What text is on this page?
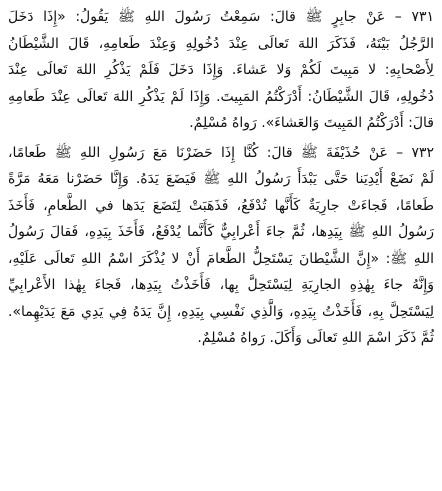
٧٣١ – عَنْ جابِرٍ ﷺ قالَ: سَمِعْتُ رَسُولَ اللهِ ﷺ يَقُولُ: «إِذَا دَخَلَ
الرَّجُلُ بَيْتَهُ، فَذَكَرَ اللهَ تَعالَى عِنْدَ دُخُولِهِ وَعِنْدَ طَعامِهِ، قَالَ الشَّيْطَانُ
لِأَصْحابِهِ: لا مَبِيتَ لَكُمْ وَلا عَشاءَ. وَإِذَا دَخَلَ فَلَمْ يَذْكُرِ اللهَ تَعالَى عِنْدَ
دُخُولِهِ، قَالَ الشَّيْطَانُ: أَدْرَكْتُمُ المَبِيتَ. وَإِذَا لَمْ يَذْكُرِ اللهَ تَعالَى عِنْدَ طَعامِهِ
قالَ: أَدْرَكْتُمُ المَبِيتَ وَالعَشاءَ». رَواهُ مُسْلِمٌ.
٧٣٢ – عَنْ حُذَيْفَةَ ﷺ قالَ: كُنَّا إِذَا حَضَرْنَا مَعَ رَسُولِ اللهِ ﷺ طَعامًا،
لَمْ نَضَعْ أَيْدِيَنا حَتَّى يَبْدَأَ رَسُولُ اللهِ ﷺ فَيَضَعَ يَدَهُ. وَإِنَّا حَضَرْنا مَعَهُ مَرَّةً
طَعامًا، فَجاءَتْ جارِيَةٌ كَأَنَّها تُدْفَعُ، فَذَهَبَتْ لِتَضَعَ يَدَها في الطَّعامِ، فَأَخَذَ
رَسُولُ اللهِ ﷺ بِيَدِها، ثُمَّ جاءَ أَعْرابِيٌّ كَأَنَّما يُدْفَعُ، فَأَخَذَ بِيَدِهِ، فَقالَ رَسُولُ
اللهِ ﷺ: «إِنَّ الشَّيْطانَ يَسْتَحِلُّ الطَّعامَ أَنْ لا يُذْكَرَ اسْمُ اللهِ تَعالَى عَلَيْهِ،
وَإِنَّهُ جاءَ بِهٰذِهِ الجارِيَةِ لِيَسْتَحِلَّ بِها، فَأَخَذْتُ بِيَدِها، فَجاءَ بِهٰذا الأَعْرابِيِّ
لِيَسْتَحِلَّ بِهِ، فَأَخَذْتُ بِيَدِهِ، وَالَّذِي نَفْسِي بِيَدِهِ، إِنَّ يَدَهُ فِي يَدِي مَعَ يَدَيْهِما».
ثُمَّ ذَكَرَ اسْمَ اللهِ تَعالَى وَأَكَلَ. رَواهُ مُسْلِمٌ.
